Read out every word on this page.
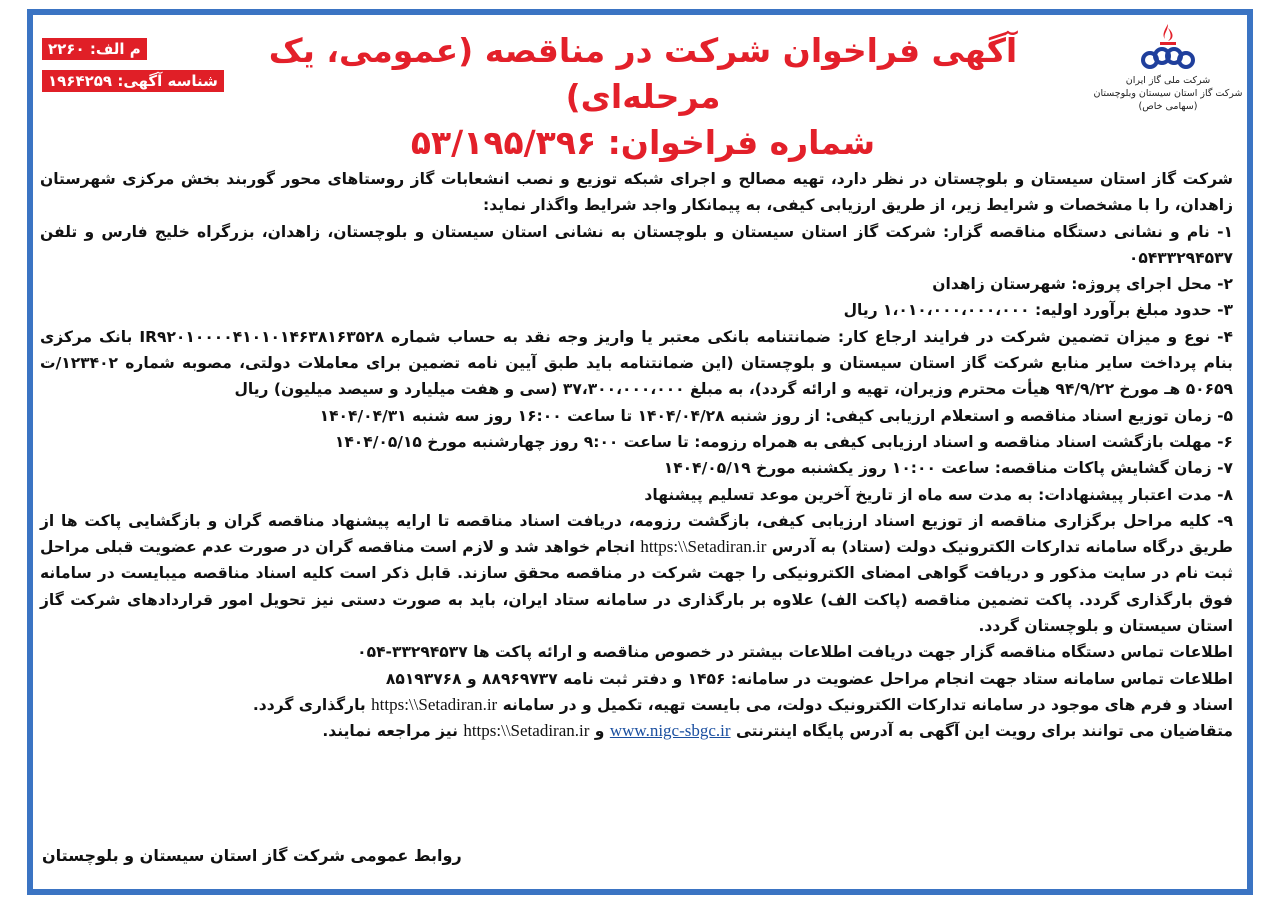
م الف: ۲۲۶۰
شناسه آگهی: ۱۹۶۴۲۵۹
آگهی فراخوان شرکت در مناقصه (عمومی، یک مرحله‌ای)
شماره فراخوان: ۵۳/۱۹۵/۳۹۶
شرکت ملی گاز ایران
شرکت گاز استان سیستان وبلوچستان
(سهامی خاص)

شرکت گاز استان سیستان و بلوچستان در نظر دارد، تهیه مصالح و اجرای شبکه توزیع و نصب انشعابات گاز روستاهای محور گوربند بخش مرکزی شهرستان زاهدان، را با مشخصات و شرایط زیر، از طریق ارزیابی کیفی، به پیمانکار واجد شرایط واگذار نماید:

۱- نام و نشانی دستگاه مناقصه گزار: شرکت گاز استان سیستان و بلوچستان به نشانی استان سیستان و بلوچستان، زاهدان، بزرگراه خلیج فارس و تلفن ۰۵۴۳۳۲۹۴۵۳۷

۲- محل اجرای پروژه: شهرستان زاهدان

۳- حدود مبلغ برآورد اولیه: ۱،۰۱۰،۰۰۰،۰۰۰،۰۰۰ ریال

۴- نوع و میزان تضمین شرکت در فرایند ارجاع کار: ضمانتنامه بانکی معتبر یا واریز وجه نقد به حساب شماره IR۹۲۰۱۰۰۰۰۴۱۰۱۰۱۴۶۳۸۱۶۳۵۲۸ بانک مرکزی بنام پرداخت سایر منابع شرکت گاز استان سیستان و بلوچستان (این ضمانتنامه باید طبق آیین نامه تضمین برای معاملات دولتی، مصوبه شماره ۱۲۳۴۰۲/ت ۵۰۶۵۹ هـ مورخ ۹۴/۹/۲۲ هیأت محترم وزیران، تهیه و ارائه گردد)، به مبلغ ۳۷،۳۰۰،۰۰۰،۰۰۰ (سی و هفت میلیارد و سیصد میلیون) ریال

۵- زمان توزیع اسناد مناقصه و استعلام ارزیابی کیفی: از روز شنبه ۱۴۰۴/۰۴/۲۸ تا ساعت ۱۶:۰۰ روز سه شنبه ۱۴۰۴/۰۴/۳۱

۶- مهلت بازگشت اسناد مناقصه و اسناد ارزیابی کیفی به همراه رزومه: تا ساعت ۹:۰۰ روز چهارشنبه مورخ ۱۴۰۴/۰۵/۱۵

۷- زمان گشایش پاکات مناقصه: ساعت ۱۰:۰۰ روز یکشنبه مورخ ۱۴۰۴/۰۵/۱۹

۸- مدت اعتبار پیشنهادات: به مدت سه ماه از تاریخ آخرین موعد تسلیم پیشنهاد

۹- کلیه مراحل برگزاری مناقصه از توزیع اسناد ارزیابی کیفی، بازگشت رزومه، دریافت اسناد مناقصه تا ارایه پیشنهاد مناقصه گران و بازگشایی پاکت ها از طریق درگاه سامانه تدارکات الکترونیک دولت (ستاد) به آدرس https:\\Setadiran.ir انجام خواهد شد و لازم است مناقصه گران در صورت عدم عضویت قبلی مراحل ثبت نام در سایت مذکور و دریافت گواهی امضای الکترونیکی را جهت شرکت در مناقصه محقق سازند. قابل ذکر است کلیه اسناد مناقصه میبایست در سامانه فوق بارگذاری گردد. پاکت تضمین مناقصه (پاکت الف) علاوه بر بارگذاری در سامانه ستاد ایران، باید به صورت دستی نیز تحویل امور قراردادهای شرکت گاز استان سیستان و بلوچستان گردد.

اطلاعات تماس دستگاه مناقصه گزار جهت دریافت اطلاعات بیشتر در خصوص مناقصه و ارائه پاکت ها ۳۳۲۹۴۵۳۷-۰۵۴

اطلاعات تماس سامانه ستاد جهت انجام مراحل عضویت در سامانه: ۱۴۵۶ و دفتر ثبت نامه ۸۸۹۶۹۷۳۷ و ۸۵۱۹۳۷۶۸

اسناد و فرم های موجود در سامانه تدارکات الکترونیک دولت، می بایست تهیه، تکمیل و در سامانه https:\\Setadiran.ir بارگذاری گردد.

متقاضیان می توانند برای رویت این آگهی به آدرس پایگاه اینترنتی www.nigc-sbgc.ir و https:\\Setadiran.ir نیز مراجعه نمایند.

روابط عمومی شرکت گاز استان سیستان و بلوچستان
